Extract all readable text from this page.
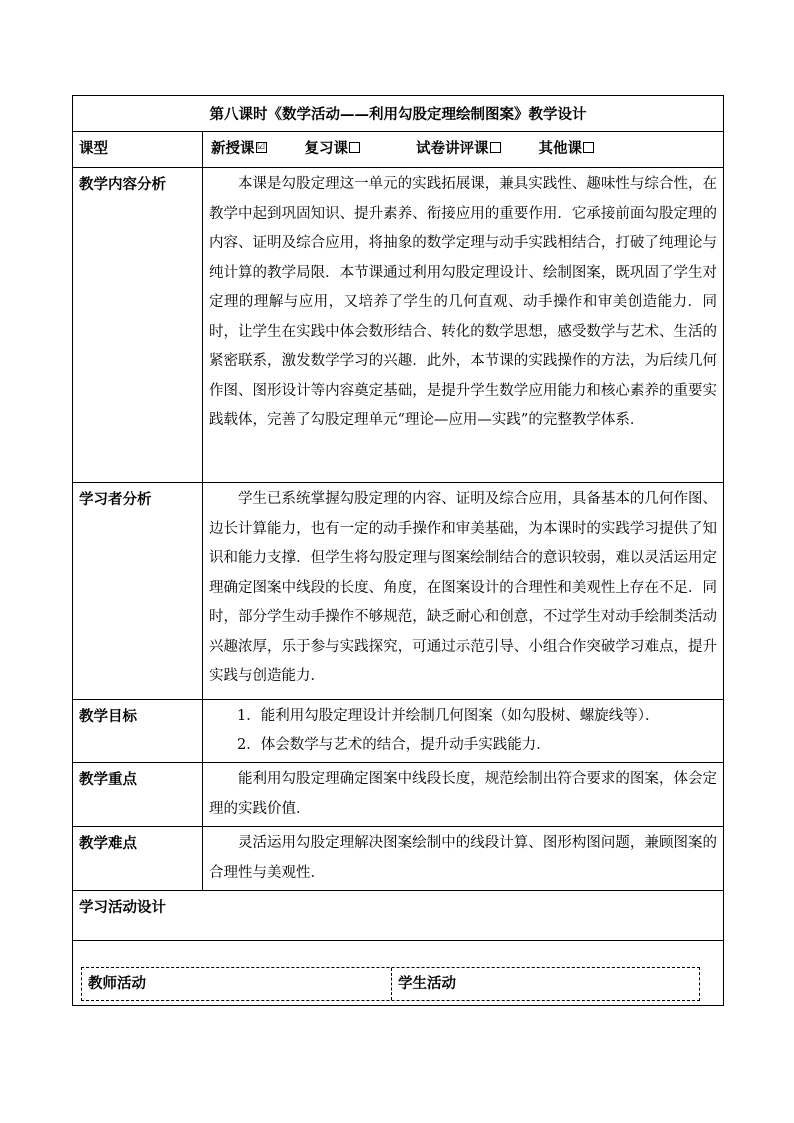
第八课时《数学活动——利用勾股定理绘制图案》教学设计	
课型	新授课 ☑ 复习课 试卷讲评课 其他课

教学内容分析	本课是勾股定理这一单元的实践拓展课，兼具实践性、趣味性与综合性，在教学中起到巩固知识、提升素养、衔接应用的重要作用．它承接前面勾股定理的内容、证明及综合应用，将抽象的数学定理与动手实践相结合，打破了纯理论与纯计算的教学局限．本节课通过利用勾股定理设计、绘制图案，既巩固了学生对定理的理解与应用，又培养了学生的几何直观、动手操作和审美创造能力．同时，让学生在实践中体会数形结合、转化的数学思想，感受数学与艺术、生活的紧密联系，激发数学学习的兴趣．此外，本节课的实践操作的方法，为后续几何作图、图形设计等内容奠定基础，是提升学生数学应用能力和核心素养的重要实践载体，完善了勾股定理单元“理论—应用—实践”的完整教学体系．

学习者分析	学生已系统掌握勾股定理的内容、证明及综合应用，具备基本的几何作图、边长计算能力，也有一定的动手操作和审美基础，为本课时的实践学习提供了知识和能力支撑．但学生将勾股定理与图案绘制结合的意识较弱，难以灵活运用定理确定图案中线段的长度、角度，在图案设计的合理性和美观性上存在不足．同时，部分学生动手操作不够规范，缺乏耐心和创意，不过学生对动手绘制类活动兴趣浓厚，乐于参与实践探究，可通过示范引导、小组合作突破学习难点，提升实践与创造能力．

教学目标	1．能利用勾股定理设计并绘制几何图案（如勾股树、螺旋线等）．
2．体会数学与艺术的结合，提升动手实践能力．

教学重点	能利用勾股定理确定图案中线段长度，规范绘制出符合要求的图案，体会定理的实践价值．

教学难点	灵活运用勾股定理解决图案绘制中的线段计算、图形构图问题，兼顾图案的合理性与美观性．

学习活动设计	

教师活动 学生活动	
